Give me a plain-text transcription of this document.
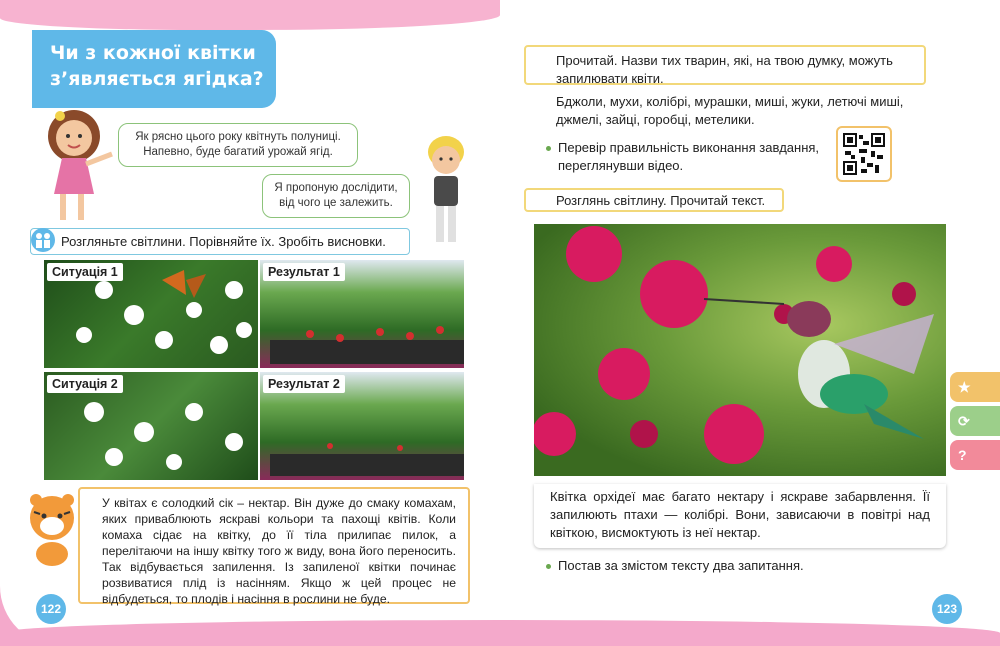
Чи з кожної квітки
з’являється ягідка?
Як рясно цього року квітнуть полуниці. Напевно, буде багатий урожай ягід.
Я пропоную дослідити, від чого це залежить.
Розгляньте світлини. Порівняйте їх. Зробіть висновки.
Ситуація 1	Результат 1
Ситуація 2	Результат 2
У квітах є солодкий сік – нектар. Він дуже до смаку комахам, яких приваблюють яскраві кольори та пахощі квітів. Коли комаха сідає на квітку, до її тіла прилипає пилок, а перелітаючи на іншу квітку того ж виду, вона його переносить. Так відбувається запилення. Із запиленої квітки починає розвиватися плід із насінням. Якщо ж цей процес не відбудеться, то плодів і насіння в рослини не буде.
122
Прочитай. Назви тих тварин, які, на твою думку, можуть запилювати квіти.
Бджоли, мухи, колібрі, мурашки, миші, жуки, летючі миші, джмелі, зайці, горобці, метелики.
Перевір правильність виконання завдання, переглянувши відео.
Розглянь світлину. Прочитай текст.
Квітка орхідеї має багато нектару і яскраве забарвлення. Її запилюють птахи — колібрі. Вони, зависаючи в повітрі над квіткою, висмоктують із неї нектар.
Постав за змістом тексту два запитання.
★
⟳
?
123
